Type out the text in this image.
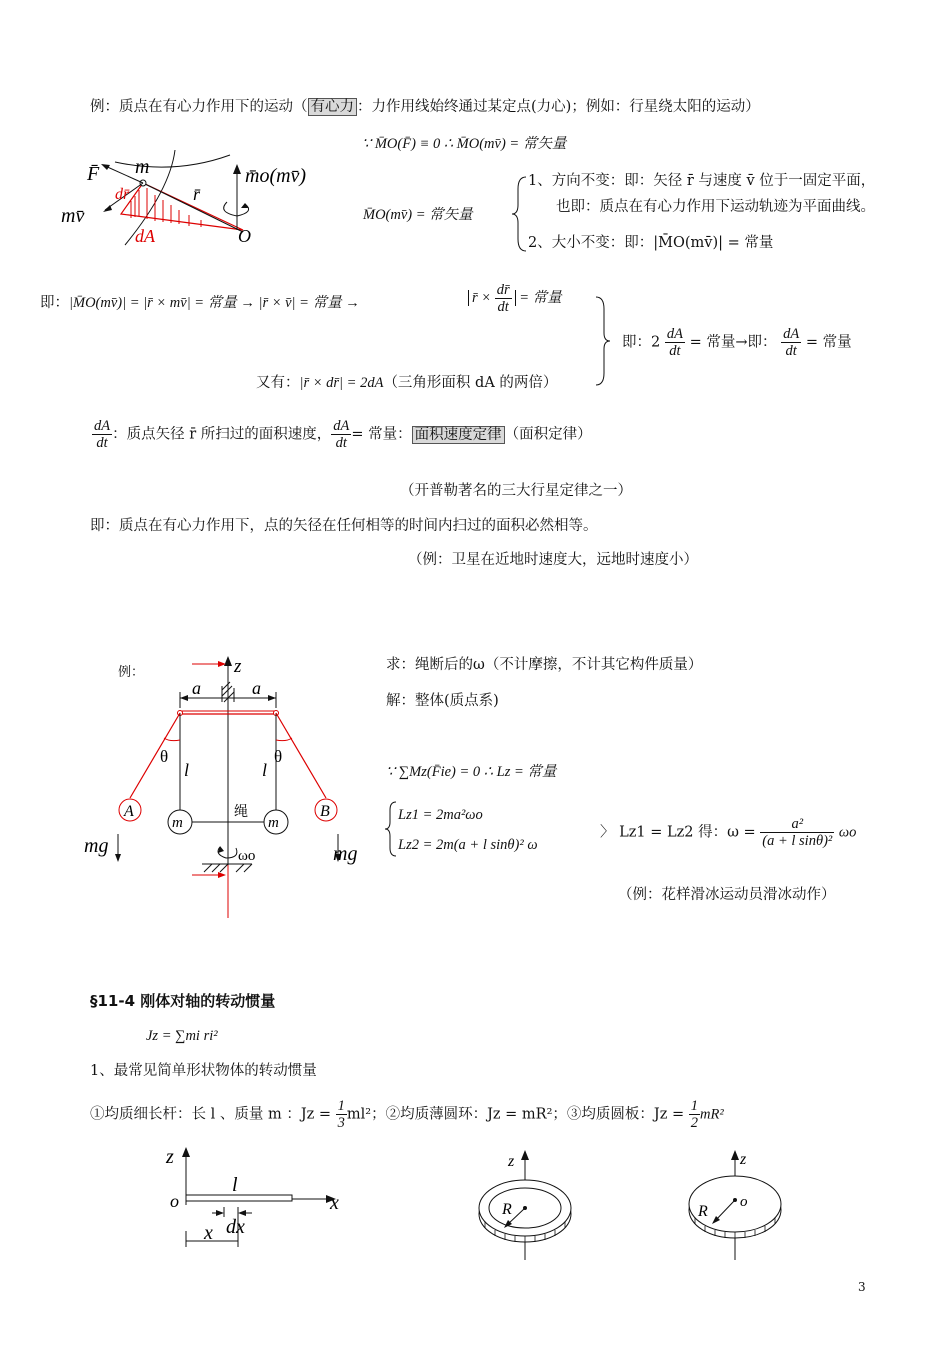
例：质点在有心力作用下的运动（ 有心力 ：力作用线始终通过某定点(力心)；例如：行星绕太阳的运动）
∵ M̄O(F̄) ≡ 0 ∴ M̄O(mv̄) = 常矢量
F̄ m
dr̄	r̄
mv̄
dA	O
m̄o(mv̄)
M̄O(mv̄) = 常矢量
1、方向不变：即：矢径 r̄ 与速度 v̄ 位于一固定平面，
也即：质点在有心力作用下运动轨迹为平面曲线。
2、大小不变：即：|M̄O(mv̄)| = 常量
即：|M̄O(mv̄)| = |r̄ × mv̄| = 常量 → |r̄ × v̄| = 常量 →	r̄ × $\frac{dr̄}{dt}$ = 常量
又有：|r̄ × dr̄| = 2dA（三角形面积 dA 的两倍）
即：$2 \frac{dA}{dt}$ = 常量→即： $\frac{dA}{dt}$ = 常量
$\frac{dA}{dt}$ ：质点矢径 r̄ 所扫过的面积速度， $\frac{dA}{dt}$ = 常量： 面积速度定律 （面积定律）
（开普勒著名的三大行星定律之一）
即：质点在有心力作用下，点的矢径在任何相等的时间内扫过的面积必然相等。
（例：卫星在近地时速度大，远地时速度小）
例：	z
a	a
θ	θ
l	l
A	B
m	m
绳
mg	mg
ωo
求：绳断后的ω（不计摩擦，不计其它构件质量）
解：整体(质点系)
∵ ∑Mz(F̄ie) = 0 ∴ Lz = 常量
Lz1 = 2ma²ωo
Lz2 = 2m(a + l sinθ)² ω
〉 Lz1 = Lz2 得：$\omega = \frac{\text{a²}}{\text{(a + l sinθ)²}}$ ωo
（例：花样滑冰运动员滑冰动作）
§11-4 刚体对轴的转动惯量
Jz = ∑mi ri²
1、最常见简单形状物体的转动惯量
①均质细长杆：长 l 、质量 m ：$Jz = \frac{1}{3} ml^2$；②均质薄圆环：Jz = mR²；③均质圆板：$Jz = \frac{1}{2} mR^2$
z
o
l
x
dx
x
z
R
z
R
o
3
